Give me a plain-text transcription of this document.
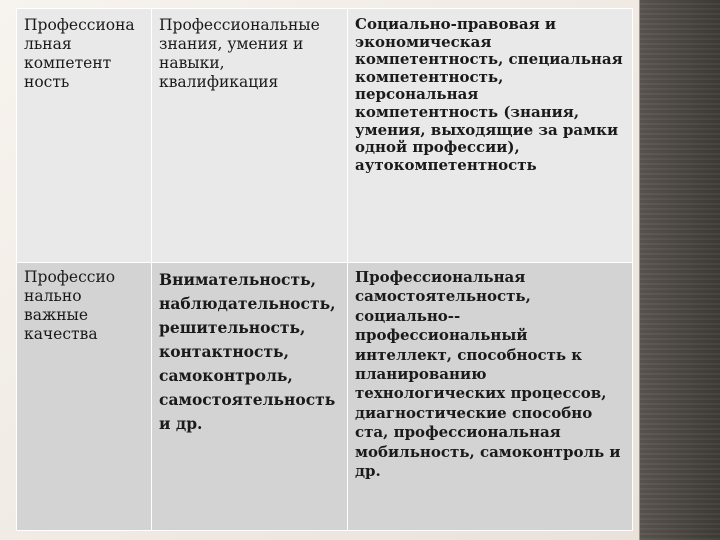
Профессиона льная компетент ность	Профессиональные знания, умения и навыки, квалификация	Социально-правовая и экономическая компетентность, специальная компетентность, персональная компетентность (знания, умения, выходящие за рамки одной профессии), аутокомпетентность
Профессио нально важные качества	Внимательность, наблюдательность, решительность, контактность, самоконтроль, самостоятельность и др.	Профессиональная самостоятельность, социально-- профессиональный интеллект, способность к планированию технологических процессов, диагностические способно ста, профессиональная мобильность, самоконтроль и др.
